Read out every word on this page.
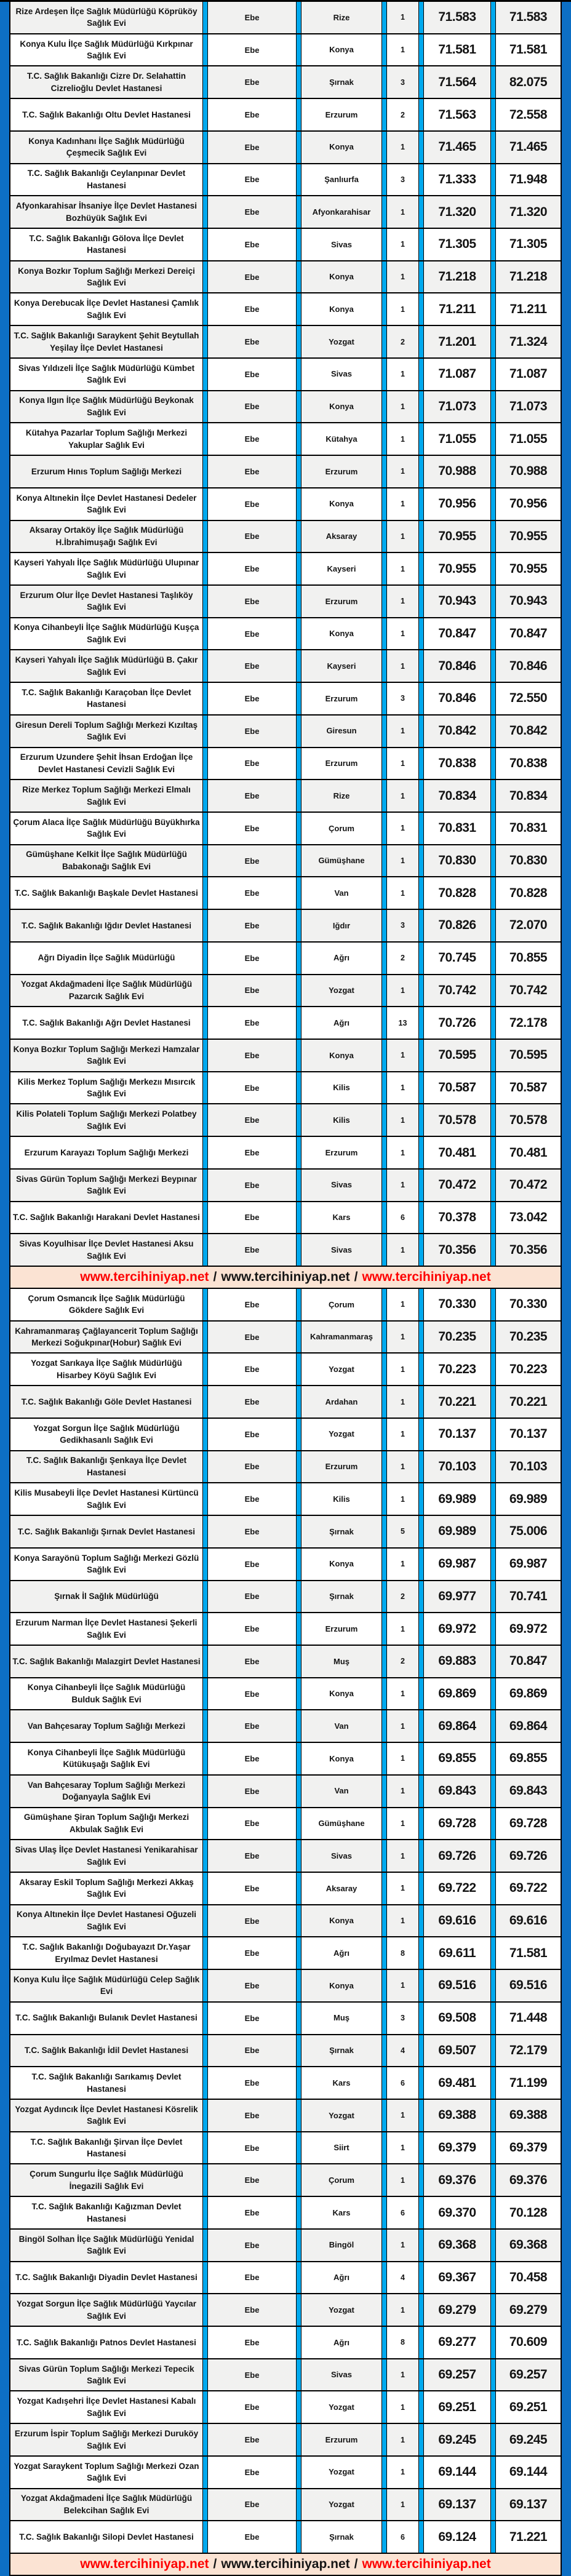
Rize Ardeşen İlçe Sağlık Müdürlüğü Köprüköy Sağlık Evi
Ebe	Rize	1	71.583	71.583
Konya Kulu İlçe Sağlık Müdürlüğü Kırkpınar Sağlık Evi
Ebe	Konya	1	71.581	71.581
T.C. Sağlık Bakanlığı Cizre Dr. Selahattin Cizrelioğlu Devlet Hastanesi
Ebe	Şırnak	3	71.564	82.075
T.C. Sağlık Bakanlığı Oltu Devlet Hastanesi	Ebe	Erzurum	2	71.563	72.558
Konya Kadınhanı İlçe Sağlık Müdürlüğü Çeşmecik Sağlık Evi
Ebe	Konya	1	71.465	71.465
T.C. Sağlık Bakanlığı Ceylanpınar Devlet Hastanesi
Ebe	Şanlıurfa	3	71.333	71.948
Afyonkarahisar İhsaniye İlçe Devlet Hastanesi Bozhüyük Sağlık Evi
Ebe	Afyonkarahisar	1	71.320	71.320
T.C. Sağlık Bakanlığı Gölova İlçe Devlet Hastanesi
Ebe	Sivas	1	71.305	71.305
Konya Bozkır Toplum Sağlığı Merkezi Dereiçi Sağlık Evi
Ebe	Konya	1	71.218	71.218
Konya Derebucak İlçe Devlet Hastanesi Çamlık Sağlık Evi
Ebe	Konya	1	71.211	71.211
T.C. Sağlık Bakanlığı Saraykent Şehit Beytullah Yeşilay İlçe Devlet Hastanesi
Ebe	Yozgat	2	71.201	71.324
Sivas Yıldızeli İlçe Sağlık Müdürlüğü Kümbet Sağlık Evi
Ebe	Sivas	1	71.087	71.087
Konya Ilgın İlçe Sağlık Müdürlüğü Beykonak Sağlık Evi
Ebe	Konya	1	71.073	71.073
Kütahya Pazarlar Toplum Sağlığı Merkezi Yakuplar Sağlık Evi
Ebe	Kütahya	1	71.055	71.055
Erzurum Hınıs Toplum Sağlığı Merkezi	Ebe	Erzurum	1	70.988	70.988
Konya Altınekin İlçe Devlet Hastanesi Dedeler Sağlık Evi
Ebe	Konya	1	70.956	70.956
Aksaray Ortaköy İlçe Sağlık Müdürlüğü H.İbrahimuşağı Sağlık Evi
Ebe	Aksaray	1	70.955	70.955
Kayseri Yahyalı İlçe Sağlık Müdürlüğü Ulupınar Sağlık Evi
Ebe	Kayseri	1	70.955	70.955
Erzurum Olur İlçe Devlet Hastanesi Taşlıköy Sağlık Evi
Ebe	Erzurum	1	70.943	70.943
Konya Cihanbeyli İlçe Sağlık Müdürlüğü Kuşça Sağlık Evi
Ebe	Konya	1	70.847	70.847
Kayseri Yahyalı İlçe Sağlık Müdürlüğü B. Çakır Sağlık Evi
Ebe	Kayseri	1	70.846	70.846
T.C. Sağlık Bakanlığı Karaçoban İlçe Devlet Hastanesi
Ebe	Erzurum	3	70.846	72.550
Giresun Dereli Toplum Sağlığı Merkezi Kızıltaş Sağlık Evi
Ebe	Giresun	1	70.842	70.842
Erzurum Uzundere Şehit İhsan Erdoğan İlçe Devlet Hastanesi Cevizli Sağlık Evi
Ebe	Erzurum	1	70.838	70.838
Rize Merkez Toplum Sağlığı Merkezi Elmalı Sağlık Evi
Ebe	Rize	1	70.834	70.834
Çorum Alaca İlçe Sağlık Müdürlüğü Büyükhırka Sağlık Evi
Ebe	Çorum	1	70.831	70.831
Gümüşhane Kelkit İlçe Sağlık Müdürlüğü Babakonağı Sağlık Evi
Ebe	Gümüşhane	1	70.830	70.830
T.C. Sağlık Bakanlığı Başkale Devlet Hastanesi	Ebe	Van	1	70.828	70.828
T.C. Sağlık Bakanlığı Iğdır Devlet Hastanesi	Ebe	Iğdır	3	70.826	72.070
Ağrı Diyadin İlçe Sağlık Müdürlüğü	Ebe	Ağrı	2	70.745	70.855
Yozgat Akdağmadeni İlçe Sağlık Müdürlüğü Pazarcık Sağlık Evi
Ebe	Yozgat	1	70.742	70.742
T.C. Sağlık Bakanlığı Ağrı Devlet Hastanesi	Ebe	Ağrı	13	70.726	72.178
Konya Bozkır Toplum Sağlığı Merkezi Hamzalar Sağlık Evi
Ebe	Konya	1	70.595	70.595
Kilis Merkez Toplum Sağlığı Merkezıı Mısırcık Sağlık Evi
Ebe	Kilis	1	70.587	70.587
Kilis Polateli Toplum Sağlığı Merkezi Polatbey Sağlık Evi
Ebe	Kilis	1	70.578	70.578
Erzurum Karayazı Toplum Sağlığı Merkezi	Ebe	Erzurum	1	70.481	70.481
Sivas Gürün Toplum Sağlığı Merkezi Beypınar Sağlık Evi
Ebe	Sivas	1	70.472	70.472
T.C. Sağlık Bakanlığı Harakani Devlet Hastanesi	Ebe	Kars	6	70.378	73.042
Sivas Koyulhisar İlçe Devlet Hastanesi Aksu Sağlık Evi
Ebe	Sivas	1	70.356	70.356
www.tercihiniyap.net / www.tercihiniyap.net / www.tercihiniyap.net
Çorum Osmancık İlçe Sağlık Müdürlüğü Gökdere Sağlık Evi
Ebe	Çorum	1	70.330	70.330
Kahramanmaraş Çağlayancerit Toplum Sağlığı Merkezi Soğukpınar(Hobur) Sağlık Evi
Ebe	Kahramanmaraş	1	70.235	70.235
Yozgat Sarıkaya İlçe Sağlık Müdürlüğü Hisarbey Köyü Sağlık Evi
Ebe	Yozgat	1	70.223	70.223
T.C. Sağlık Bakanlığı Göle Devlet Hastanesi	Ebe	Ardahan	1	70.221	70.221
Yozgat Sorgun İlçe Sağlık Müdürlüğü Gedikhasanlı Sağlık Evi
Ebe	Yozgat	1	70.137	70.137
T.C. Sağlık Bakanlığı Şenkaya İlçe Devlet Hastanesi
Ebe	Erzurum	1	70.103	70.103
Kilis Musabeyli İlçe Devlet Hastanesi Kürtüncü Sağlık Evi
Ebe	Kilis	1	69.989	69.989
T.C. Sağlık Bakanlığı Şırnak Devlet Hastanesi	Ebe	Şırnak	5	69.989	75.006
Konya Sarayönü Toplum Sağlığı Merkezi Gözlü Sağlık Evi
Ebe	Konya	1	69.987	69.987
Şırnak İl Sağlık Müdürlüğü	Ebe	Şırnak	2	69.977	70.741
Erzurum Narman İlçe Devlet Hastanesi Şekerli Sağlık Evi
Ebe	Erzurum	1	69.972	69.972
T.C. Sağlık Bakanlığı Malazgirt Devlet Hastanesi	Ebe	Muş	2	69.883	70.847
Konya Cihanbeyli İlçe Sağlık Müdürlüğü Bulduk Sağlık Evi
Ebe	Konya	1	69.869	69.869
Van Bahçesaray Toplum Sağlığı Merkezi	Ebe	Van	1	69.864	69.864
Konya Cihanbeyli İlçe Sağlık Müdürlüğü Kütükuşağı Sağlık Evi
Ebe	Konya	1	69.855	69.855
Van Bahçesaray Toplum Sağlığı Merkezi Doğanyayla Sağlık Evi
Ebe	Van	1	69.843	69.843
Gümüşhane Şiran Toplum Sağlığı Merkezi Akbulak Sağlık Evi
Ebe	Gümüşhane	1	69.728	69.728
Sivas Ulaş İlçe Devlet Hastanesi Yenikarahisar Sağlık Evi
Ebe	Sivas	1	69.726	69.726
Aksaray Eskil Toplum Sağlığı Merkezi Akkaş Sağlık Evi
Ebe	Aksaray	1	69.722	69.722
Konya Altınekin İlçe Devlet Hastanesi Oğuzeli Sağlık Evi
Ebe	Konya	1	69.616	69.616
T.C. Sağlık Bakanlığı Doğubayazıt Dr.Yaşar Eryılmaz Devlet Hastanesi
Ebe	Ağrı	8	69.611	71.581
Konya Kulu İlçe Sağlık Müdürlüğü Celep Sağlık Evi
Ebe	Konya	1	69.516	69.516
T.C. Sağlık Bakanlığı Bulanık Devlet Hastanesi	Ebe	Muş	3	69.508	71.448
T.C. Sağlık Bakanlığı İdil Devlet Hastanesi	Ebe	Şırnak	4	69.507	72.179
T.C. Sağlık Bakanlığı Sarıkamış Devlet Hastanesi
Ebe	Kars	6	69.481	71.199
Yozgat Aydıncık İlçe Devlet Hastanesi Kösrelik Sağlık Evi
Ebe	Yozgat	1	69.388	69.388
T.C. Sağlık Bakanlığı Şirvan İlçe Devlet Hastanesi
Ebe	Siirt	1	69.379	69.379
Çorum Sungurlu İlçe Sağlık Müdürlüğü İnegazili Sağlık Evi
Ebe	Çorum	1	69.376	69.376
T.C. Sağlık Bakanlığı Kağızman Devlet Hastanesi
Ebe	Kars	6	69.370	70.128
Bingöl Solhan İlçe Sağlık Müdürlüğü Yenidal Sağlık Evi
Ebe	Bingöl	1	69.368	69.368
T.C. Sağlık Bakanlığı Diyadin Devlet Hastanesi	Ebe	Ağrı	4	69.367	70.458
Yozgat Sorgun İlçe Sağlık Müdürlüğü Yaycılar Sağlık Evi
Ebe	Yozgat	1	69.279	69.279
T.C. Sağlık Bakanlığı Patnos Devlet Hastanesi	Ebe	Ağrı	8	69.277	70.609
Sivas Gürün Toplum Sağlığı Merkezi Tepecik Sağlık Evi
Ebe	Sivas	1	69.257	69.257
Yozgat Kadışehri İlçe Devlet Hastanesi Kabalı Sağlık Evi
Ebe	Yozgat	1	69.251	69.251
Erzurum İspir Toplum Sağlığı Merkezi Duruköy Sağlık Evi
Ebe	Erzurum	1	69.245	69.245
Yozgat Saraykent Toplum Sağlığı Merkezi Ozan Sağlık Evi
Ebe	Yozgat	1	69.144	69.144
Yozgat Akdağmadeni İlçe Sağlık Müdürlüğü Belekcihan Sağlık Evi
Ebe	Yozgat	1	69.137	69.137
T.C. Sağlık Bakanlığı Silopi Devlet Hastanesi	Ebe	Şırnak	6	69.124	71.221
www.tercihiniyap.net / www.tercihiniyap.net / www.tercihiniyap.net
